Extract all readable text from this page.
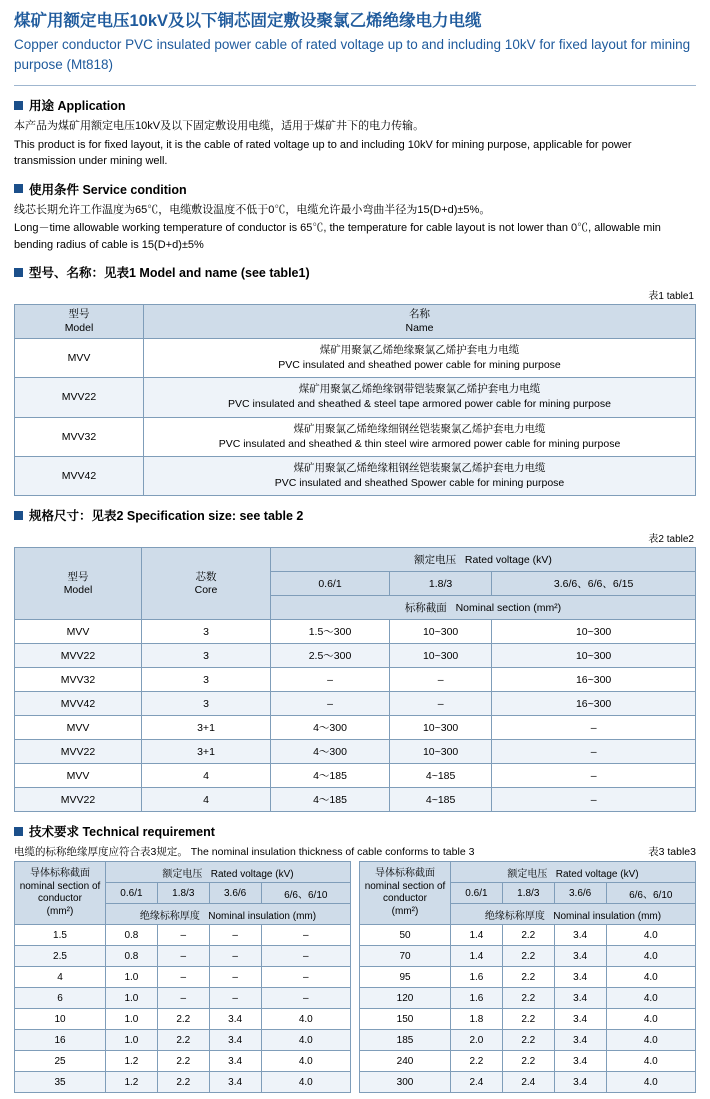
煤矿用额定电压10kV及以下铜芯固定敷设聚氯乙烯绝缘电力电缆
Copper conductor PVC insulated power cable of rated voltage up to and including 10kV for fixed layout for mining purpose (Mt818)
用途 Application
本产品为煤矿用额定电压10kV及以下固定敷设用电缆，适用于煤矿井下的电力传输。
This product is for fixed layout, it is the cable of rated voltage up to and including 10kV for mining purpose, applicable for power transmission under mining well.
使用条件 Service condition
线芯长期允许工作温度为65℃，电缆敷设温度不低于0℃，电缆允许最小弯曲半径为15(D+d)±5%。
Long－time allowable working temperature of conductor is 65℃, the temperature for cable layout is not lower than 0℃, allowable min bending radius of cable is 15(D+d)±5%
型号、名称：见表1 Model and name (see table1)
表1 table1
型号
Model

名称
Name

MVV	煤矿用聚氯乙烯绝缘聚氯乙烯护套电力电缆
PVC insulated and sheathed power cable for mining purpose

MVV22	煤矿用聚氯乙烯绝缘钢带铠装聚氯乙烯护套电力电缆
PVC insulated and sheathed & steel tape armored power cable for mining purpose

MVV32	煤矿用聚氯乙烯绝缘细钢丝铠装聚氯乙烯护套电力电缆
PVC insulated and sheathed & thin steel wire armored power cable for mining purpose

MVV42	煤矿用聚氯乙烯绝缘粗钢丝铠装聚氯乙烯护套电力电缆
PVC insulated and sheathed Spower cable for mining purpose
规格尺寸：见表2 Specification size: see table 2
表2 table2
型号
Model

芯数
Core
	额定电压 Rated voltage (kV)
		0.6/1	1.8/3	3.6/6、6/6、6/15
		标称截面 Nominal section (mm²)		
MVV	3	1.5～300	10~300	10~300
MVV22	3	2.5～300	10~300	10~300
MVV32	3	–	–	16~300
MVV42	3	–	–	16~300
MVV	3+1	4～300	10~300	–
MVV22	3+1	4～300	10~300	–
MVV	4	4～185	4~185	–
MVV22	4	4～185	4~185	–
技术要求 Technical requirement
电缆的标称绝缘厚度应符合表3规定。 The nominal insulation thickness of cable conforms to table 3	表3 table3
导体标称截面
nominal section of conductor
(mm²)	额定电压 Rated voltage (kV)			
	0.6/1	1.8/3	3.6/6	6/6、6/10
	绝缘标称厚度 Nominal insulation (mm)			
1.5	0.8	–	–	–
2.5	0.8	–	–	–
4	1.0	–	–	–
6	1.0	–	–	–
10	1.0	2.2	3.4	4.0
16	1.0	2.2	3.4	4.0
25	1.2	2.2	3.4	4.0
35	1.2	2.2	3.4	4.0
导体标称截面
nominal section of conductor
(mm²)	额定电压 Rated voltage (kV)			
	0.6/1	1.8/3	3.6/6	6/6、6/10
	绝缘标称厚度 Nominal insulation (mm)			
50	1.4	2.2	3.4	4.0
70	1.4	2.2	3.4	4.0
95	1.6	2.2	3.4	4.0
120	1.6	2.2	3.4	4.0
150	1.8	2.2	3.4	4.0
185	2.0	2.2	3.4	4.0
240	2.2	2.2	3.4	4.0
300	2.4	2.4	3.4	4.0
